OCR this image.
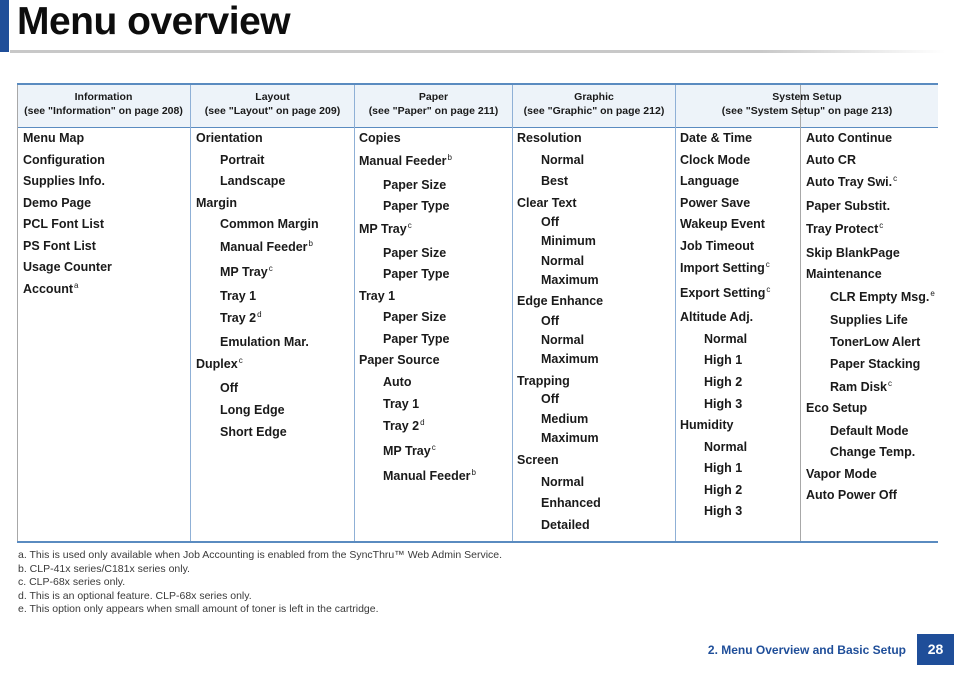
Menu overview
Information
(see "Information" on page 208)
Layout
(see "Layout" on page 209)
Paper
(see "Paper" on page 211)
Graphic
(see "Graphic" on page 212)
System Setup
(see "System Setup" on page 213)
Menu Map
Configuration
Supplies Info.
Demo Page
PCL Font List
PS Font List
Usage Counter
Account$^a$
Orientation
Portrait
Landscape
Margin
Common Margin
Manual Feeder$^b$
MP Tray$^c$
Tray 1
Tray 2$^d$
Emulation Mar.
Duplex$^c$
Off
Long Edge
Short Edge
Copies
Manual Feeder$^b$
Paper Size
Paper Type
MP Tray$^c$
Paper Size
Paper Type
Tray 1
Paper Size
Paper Type
Paper Source
Auto
Tray 1
Tray 2$^d$
MP Tray$^c$
Manual Feeder$^b$
Resolution
Normal
Best
Clear Text
Off
Minimum
Normal
Maximum
Edge Enhance
Off
Normal
Maximum
Trapping
Off
Medium
Maximum
Screen
Normal
Enhanced
Detailed
Date & Time
Clock Mode
Language
Power Save
Wakeup Event
Job Timeout
Import Setting$^c$
Export Setting$^c$
Altitude Adj.
Normal
High 1
High 2
High 3
Humidity
Normal
High 1
High 2
High 3
Auto Continue
Auto CR
Auto Tray Swi.$^c$
Paper Substit.
Tray Protect$^c$
Skip BlankPage
Maintenance
CLR Empty Msg.$^e$
Supplies Life
TonerLow Alert
Paper Stacking
Ram Disk$^c$
Eco Setup
Default Mode
Change Temp.
Vapor Mode
Auto Power Off
a. This is used only available when Job Accounting is enabled from the SyncThru™ Web Admin Service.
b. CLP-41x series/C181x series only.
c. CLP-68x series only.
d. This is an optional feature. CLP-68x series only.
e. This option only appears when small amount of toner is left in the cartridge.
2. Menu Overview and Basic Setup	28
